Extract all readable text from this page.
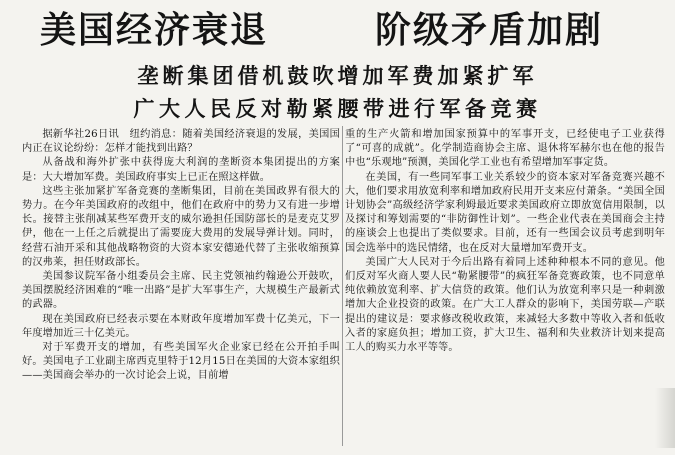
美国经济衰退	阶级矛盾加剧
垄断集团借机鼓吹增加军费加紧扩军
广大人民反对勒紧腰带进行军备竞赛

据新华社26日讯　纽约消息：随着美国经济衰退的发展，美国国内正在议论纷纷：怎样才能找到出路？

从备战和海外扩张中获得庞大利润的垄断资本集团提出的方案是：大大增加军费。美国政府事实上已正在照这样做。

这些主张加紧扩军备竞赛的垄断集团，目前在美国政界有很大的势力。在今年美国政府的改组中，他们在政府中的势力又有进一步增长。接替主张削减某些军费开支的威尔逊担任国防部长的是麦克艾罗伊，他在一上任之后就提出了需要庞大费用的发展导弹计划。同时，经营石油开采和其他战略物资的大资本家安德逊代替了主张收缩预算的汉弗莱，担任财政部长。

美国参议院军备小组委员会主席、民主党领袖约翰逊公开鼓吹，美国摆脱经济困难的“唯一出路”是扩大军事生产，大规模生产最新式的武器。

现在美国政府已经表示要在本财政年度增加军费十亿美元，下一年度增加近三十亿美元。

对于军费开支的增加，有些美国军火企业家已经在公开拍手叫好。美国电子工业副主席西克里特于12月15日在美国的大资本家组织——美国商会举办的一次讨论会上说，目前增

重的生产火箭和增加国家预算中的军事开支，已经使电子工业获得了“可喜的成就”。化学制造商协会主席、退休将军赫尔也在他的报告中也“乐观地”预测，美国化学工业也有希望增加军事定货。

在美国，有一些同军事工业关系较少的资本家对军备竞赛兴趣不大，他们要求用放宽利率和增加政府民用开支来应付萧条。“美国全国计划协会”高级经济学家利姆最近要求美国政府立即放宽信用限制，以及探讨和筹划需要的“非防御性计划”。一些企业代表在美国商会主持的座谈会上也提出了类似要求。目前，还有一些国会议员考虑到明年国会选举中的选民情绪，也在反对大量增加军费开支。

美国广大人民对于今后出路有着同上述种种根本不同的意见。他们反对军火商人要人民“勒紧腰带”的疯狂军备竞赛政策，也不同意单纯依赖放宽利率、扩大信贷的政策。他们认为放宽利率只是一种刺激增加大企业投资的政策。在广大工人群众的影响下，美国劳联—产联提出的建议是：要求修改税收政策，来减轻大多数中等收入者和低收入者的家庭负担；增加工资，扩大卫生、福利和失业救济计划来提高工人的购买力水平等等。
